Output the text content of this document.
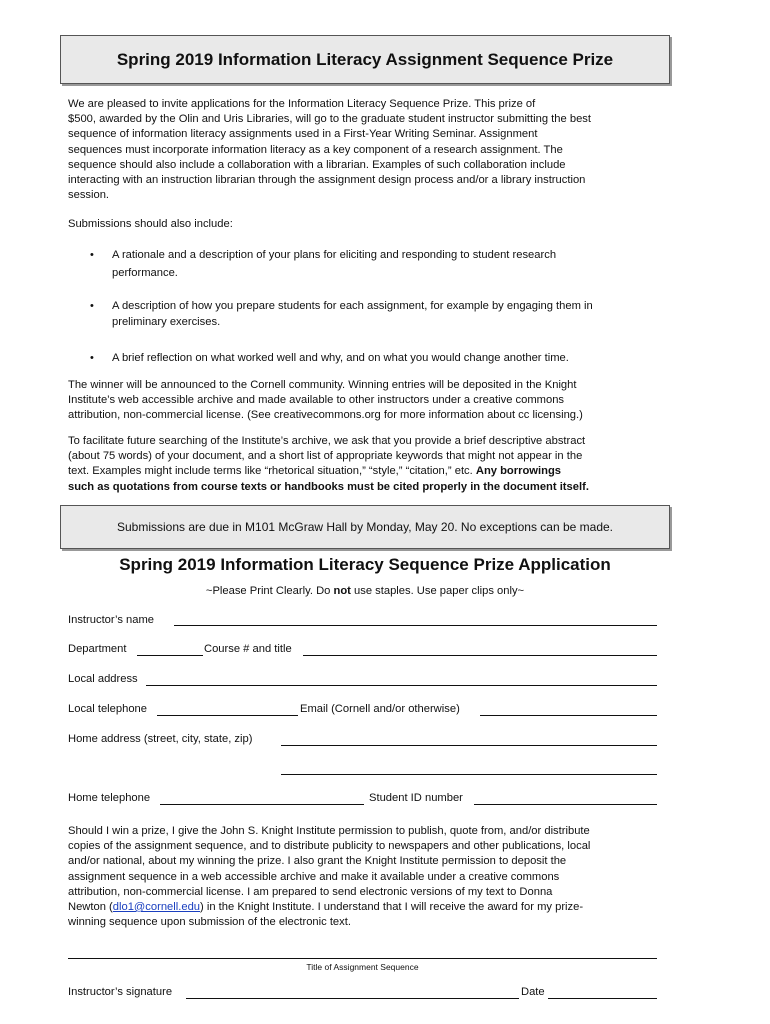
Spring 2019 Information Literacy Assignment Sequence Prize
We are pleased to invite applications for the Information Literacy Sequence Prize. This prize of
$500, awarded by the Olin and Uris Libraries, will go to the graduate student instructor submitting the best
sequence of information literacy assignments used in a First-Year Writing Seminar. Assignment
sequences must incorporate information literacy as a key component of a research assignment. The
sequence should also include a collaboration with a librarian. Examples of such collaboration include
interacting with an instruction librarian through the assignment design process and/or a library instruction
session.
Submissions should also include:
• A rationale and a description of your plans for eliciting and responding to student research
performance.
• A description of how you prepare students for each assignment, for example by engaging them in
preliminary exercises.
• A brief reflection on what worked well and why, and on what you would change another time.
The winner will be announced to the Cornell community. Winning entries will be deposited in the Knight
Institute’s web accessible archive and made available to other instructors under a creative commons
attribution, non-commercial license. (See creativecommons.org for more information about cc licensing.)
To facilitate future searching of the Institute’s archive, we ask that you provide a brief descriptive abstract
(about 75 words) of your document, and a short list of appropriate keywords that might not appear in the
text. Examples might include terms like “rhetorical situation,” “style,” “citation,” etc. Any borrowings
such as quotations from course texts or handbooks must be cited properly in the document itself.

Submissions are due in M101 McGraw Hall by Monday, May 20. No exceptions can be made.

Spring 2019 Information Literacy Sequence Prize Application
~Please Print Clearly. Do not use staples. Use paper clips only~
Instructor’s name
Department	Course # and title
Local address
Local telephone	Email (Cornell and/or otherwise)
Home address (street, city, state, zip)
Home telephone	Student ID number
Should I win a prize, I give the John S. Knight Institute permission to publish, quote from, and/or distribute
copies of the assignment sequence, and to distribute publicity to newspapers and other publications, local
and/or national, about my winning the prize. I also grant the Knight Institute permission to deposit the
assignment sequence in a web accessible archive and make it available under a creative commons
attribution, non-commercial license. I am prepared to send electronic versions of my text to Donna
Newton (dlo1@cornell.edu) in the Knight Institute. I understand that I will receive the award for my prize-
winning sequence upon submission of the electronic text.
Title of Assignment Sequence
Instructor’s signature	Date
